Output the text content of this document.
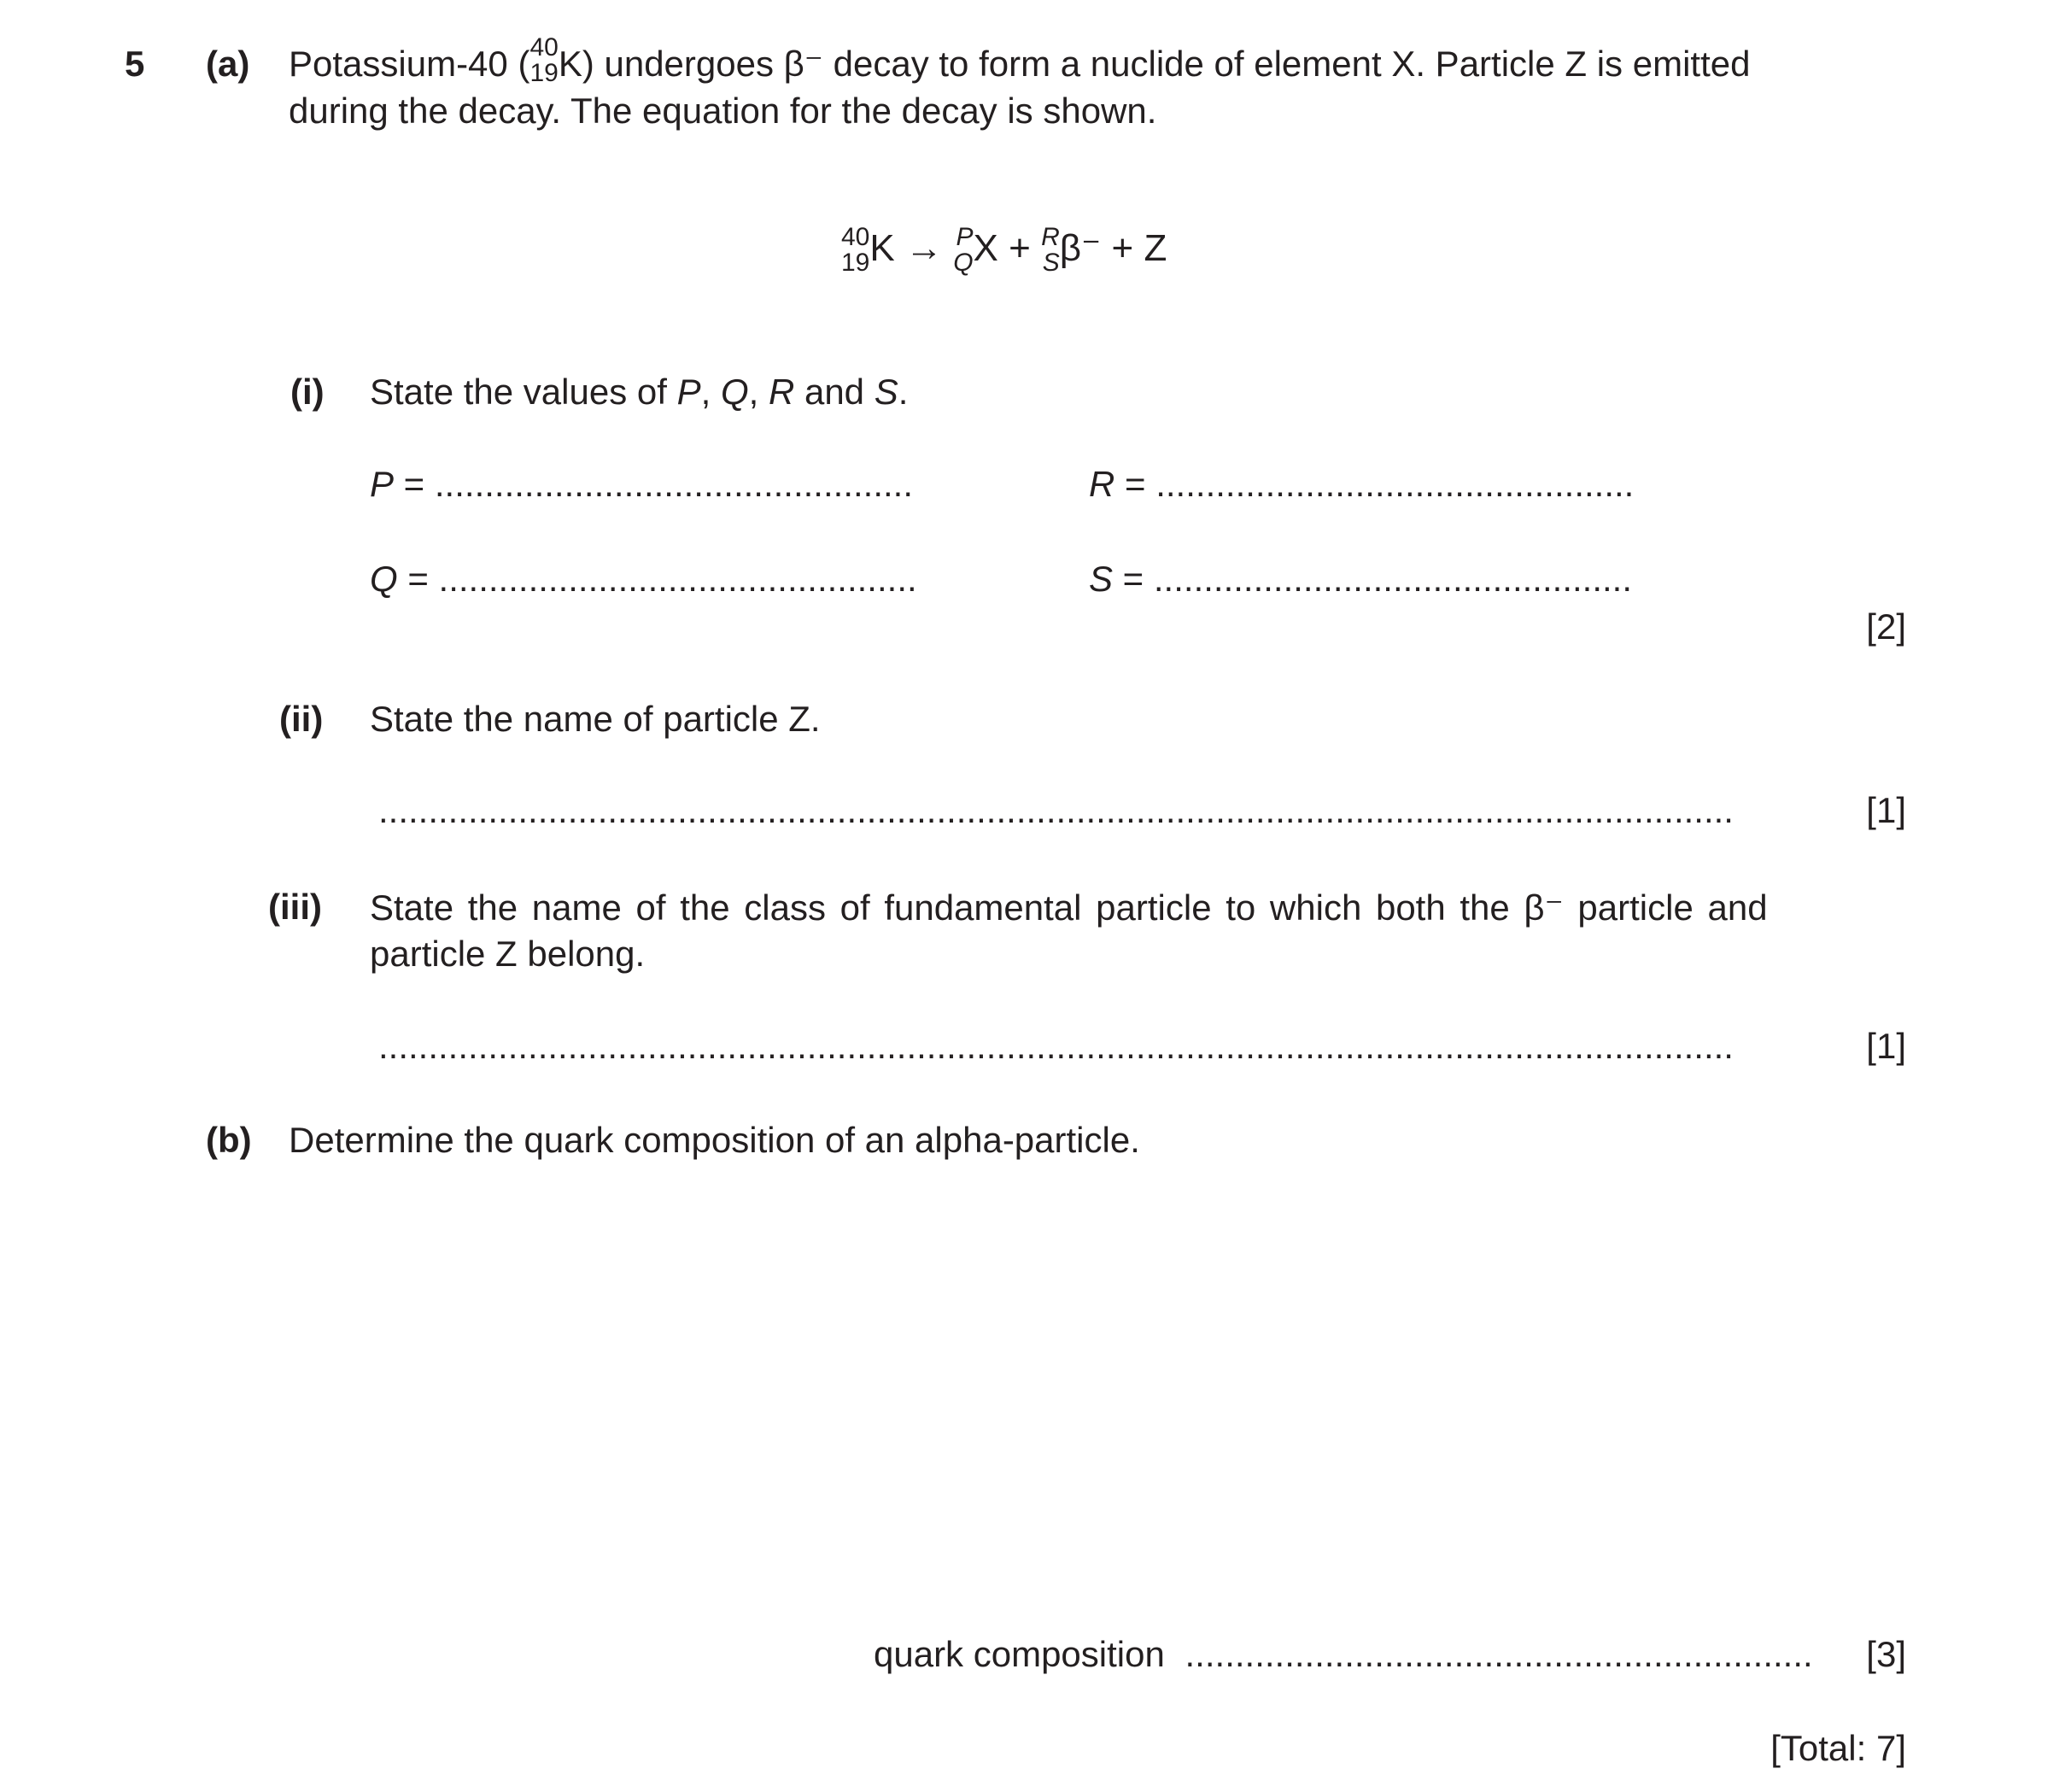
5 (a) Potassium-40 ( 40
19 K) undergoes β⁻ decay to form a nuclide of element X. Particle Z is emitted
during the decay. The equation for the decay is shown.
40
19 K → P
Q X + R
S β⁻ + Z
(i) State the values of P, Q, R and S.
P = ................................................	R = ................................................
Q = ................................................	S = ................................................
[2]
(ii) State the name of particle Z.
........................................................................................................................................	[1]
(iii) State the name of the class of fundamental particle to which both the β⁻ particle and
particle Z belong.
........................................................................................................................................	[1]
(b) Determine the quark composition of an alpha-particle.
quark composition ............................................................... [3]
[Total: 7]
